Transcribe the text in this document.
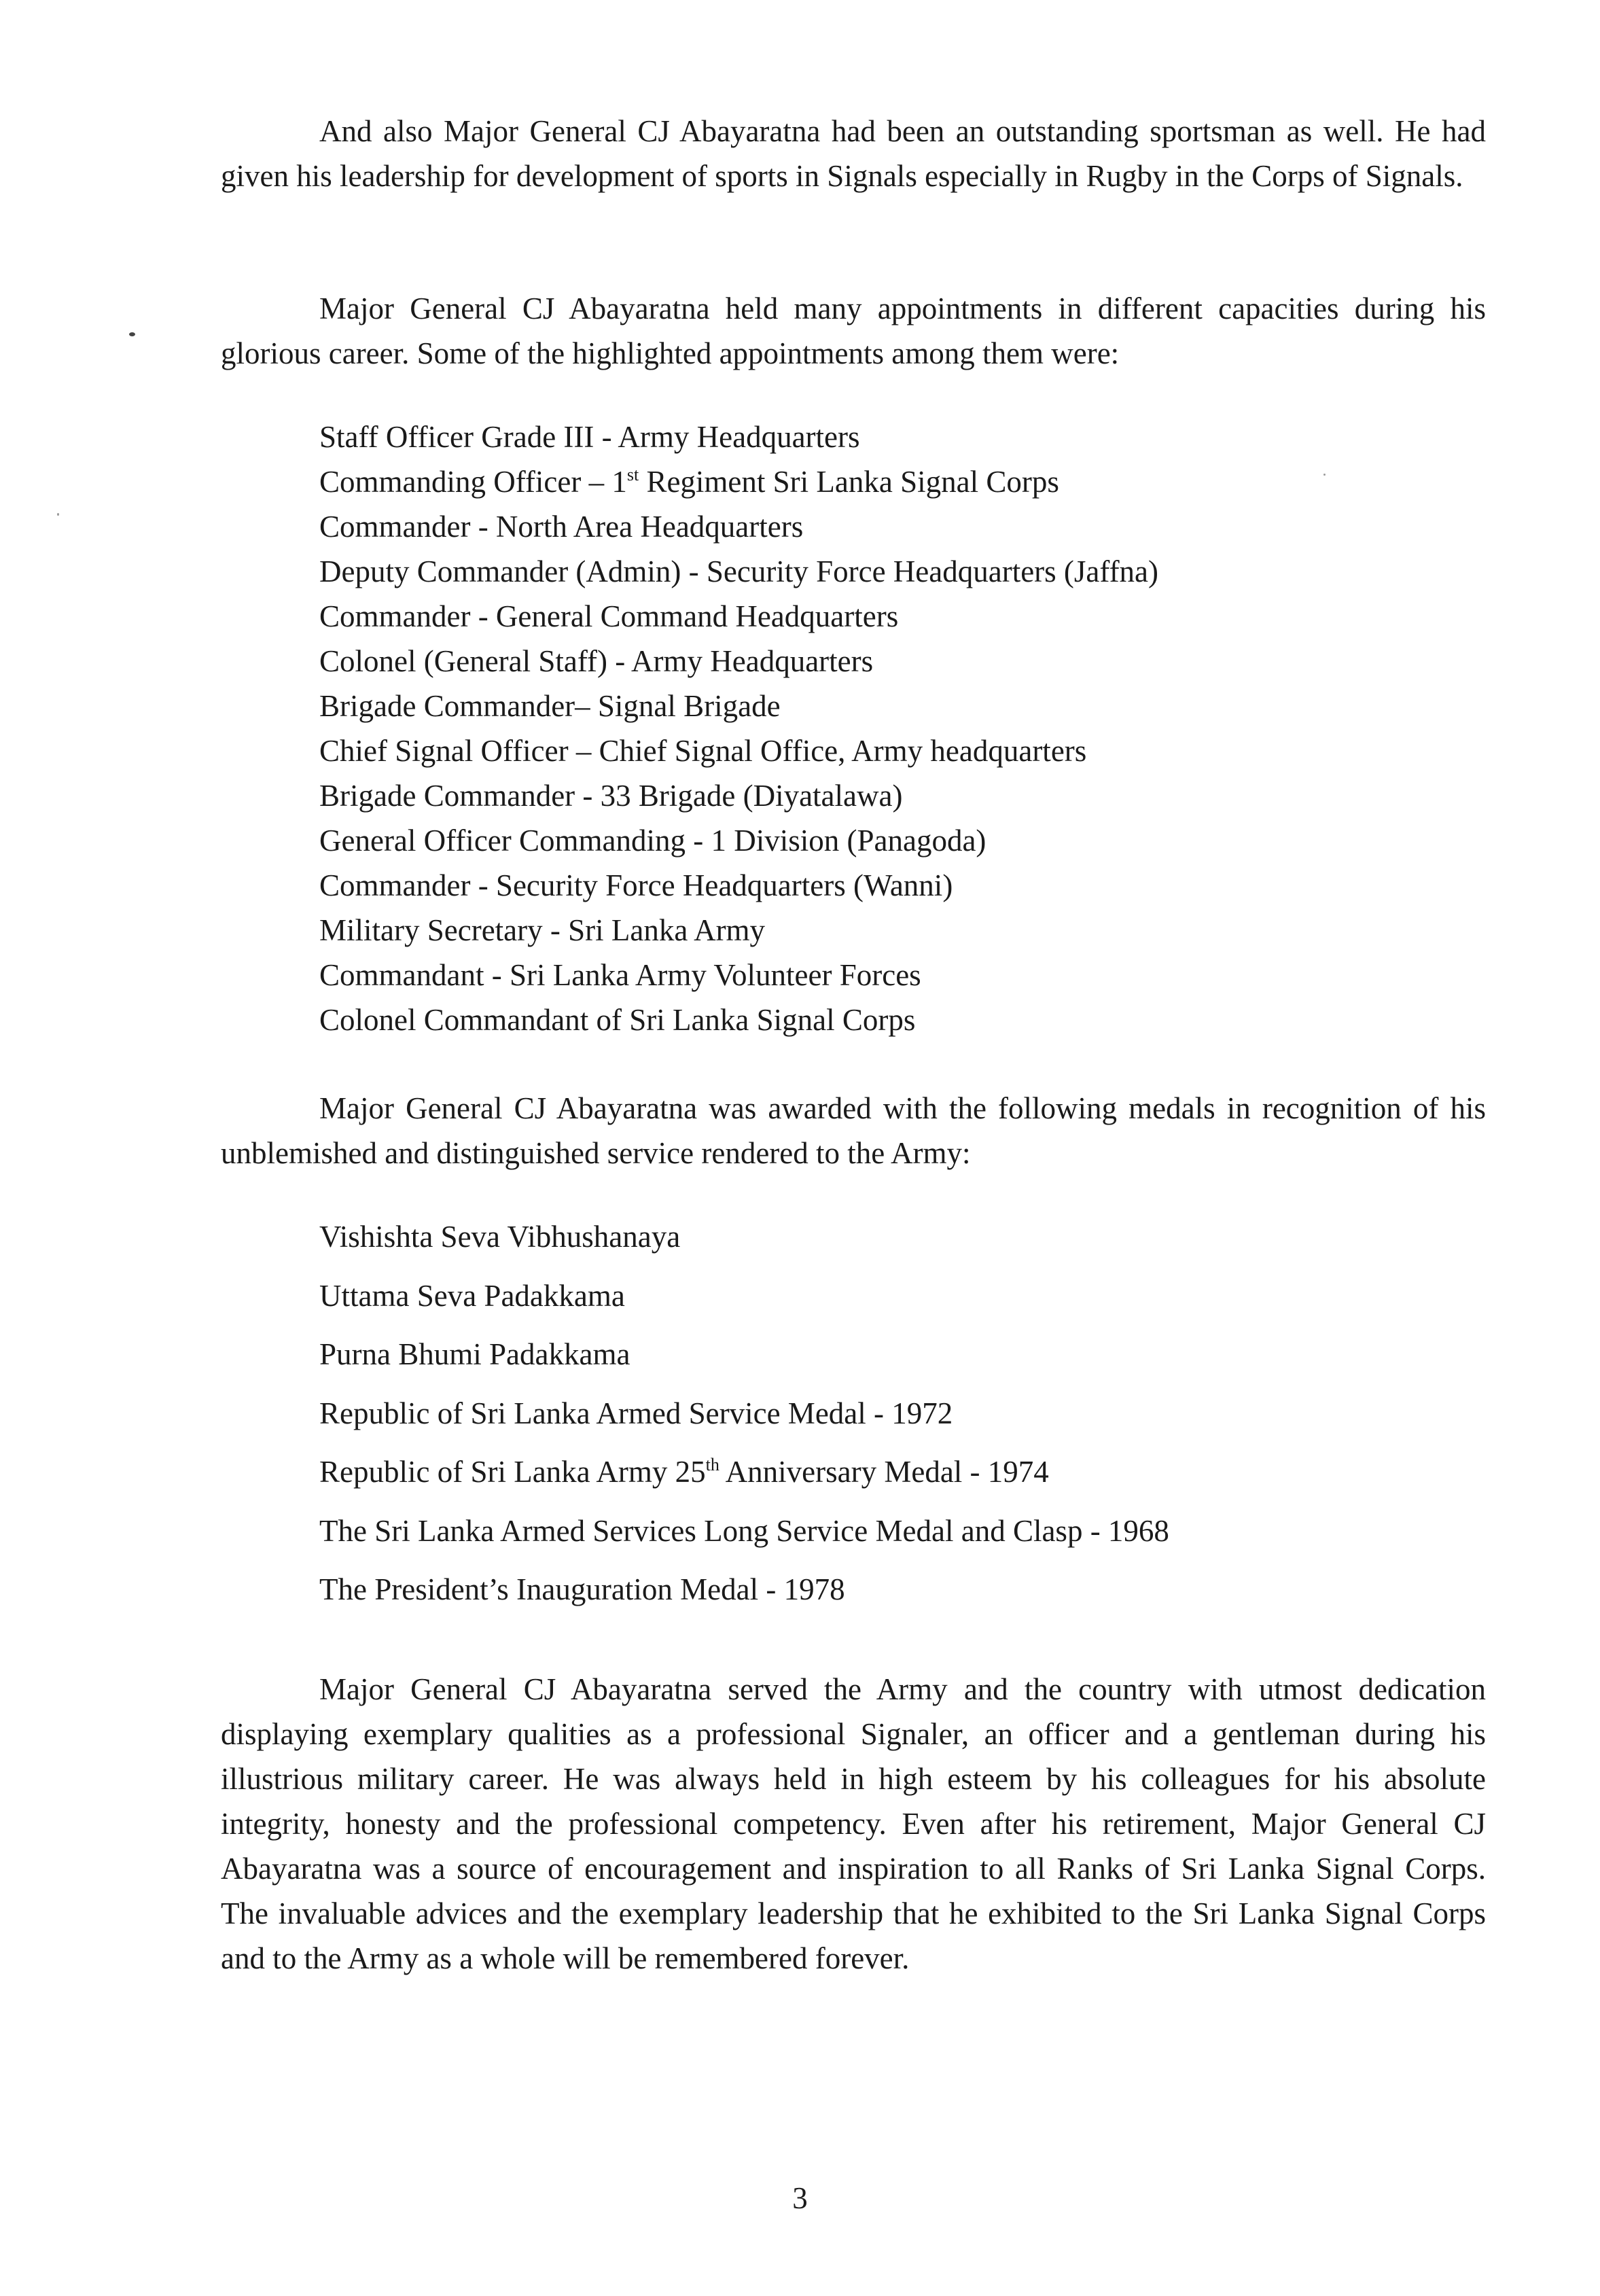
And also Major General CJ Abayaratna had been an outstanding sportsman as well. He had given his leadership for development of sports in Signals especially in Rugby in the Corps of Signals.

Major General CJ Abayaratna held many appointments in different capacities during his glorious career. Some of the highlighted appointments among them were:

Staff Officer Grade III - Army Headquarters
Commanding Officer – 1st Regiment Sri Lanka Signal Corps
Commander - North Area Headquarters
Deputy Commander (Admin) - Security Force Headquarters (Jaffna)
Commander - General Command Headquarters
Colonel (General Staff) - Army Headquarters
Brigade Commander– Signal Brigade
Chief Signal Officer – Chief Signal Office, Army headquarters
Brigade Commander - 33 Brigade (Diyatalawa)
General Officer Commanding - 1 Division (Panagoda)
Commander - Security Force Headquarters (Wanni)
Military Secretary - Sri Lanka Army
Commandant - Sri Lanka Army Volunteer Forces
Colonel Commandant of Sri Lanka Signal Corps

Major General CJ Abayaratna was awarded with the following medals in recognition of his unblemished and distinguished service rendered to the Army:

Vishishta Seva Vibhushanaya
Uttama Seva Padakkama
Purna Bhumi Padakkama
Republic of Sri Lanka Armed Service Medal - 1972
Republic of Sri Lanka Army 25th Anniversary Medal - 1974
The Sri Lanka Armed Services Long Service Medal and Clasp - 1968
The President’s Inauguration Medal - 1978

Major General CJ Abayaratna served the Army and the country with utmost dedication displaying exemplary qualities as a professional Signaler, an officer and a gentleman during his illustrious military career. He was always held in high esteem by his colleagues for his absolute integrity, honesty and the professional competency. Even after his retirement, Major General CJ Abayaratna was a source of encouragement and inspiration to all Ranks of Sri Lanka Signal Corps. The invaluable advices and the exemplary leadership that he exhibited to the Sri Lanka Signal Corps and to the Army as a whole will be remembered forever.

3
